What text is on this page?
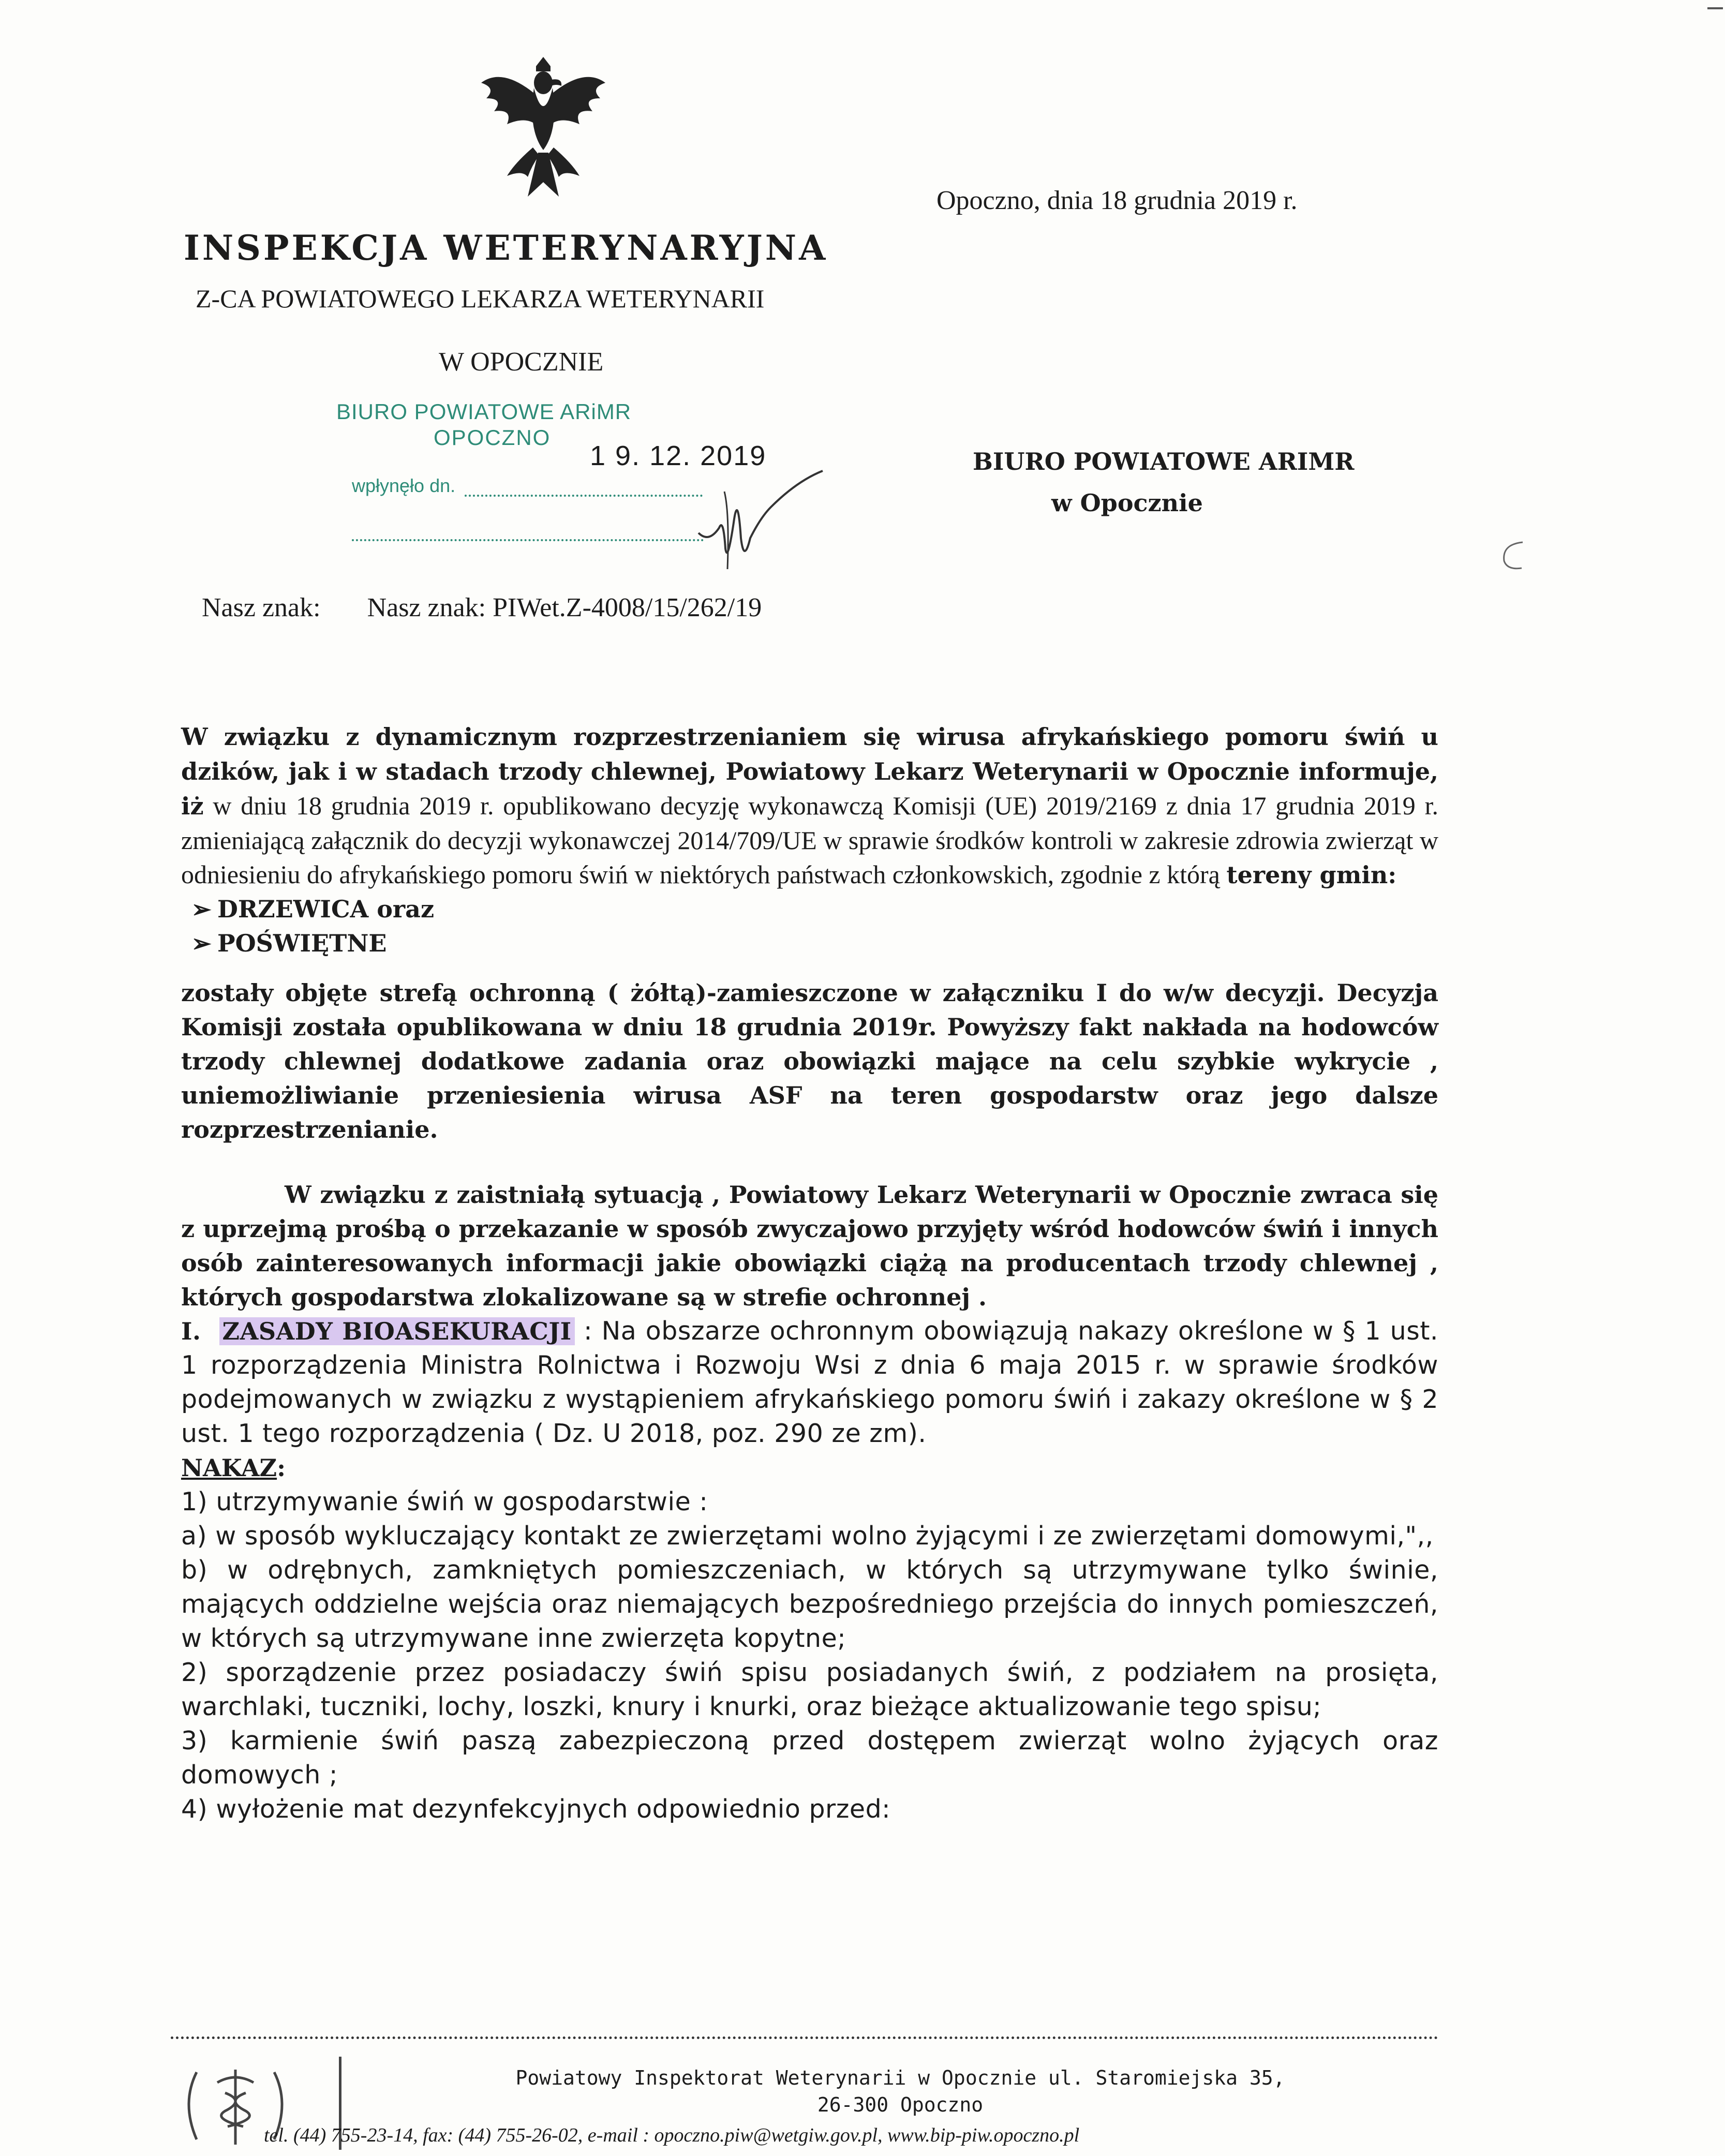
Opoczno, dnia 18 grudnia 2019 r.
INSPEKCJA WETERYNARYJNA
Z-CA POWIATOWEGO LEKARZA WETERYNARII
W OPOCZNIE
BIURO POWIATOWE ARiMR
OPOCZNO
1 9. 12. 2019
wpłynęło dn.
BIURO POWIATOWE ARIMR
w Opocznie
Nasz znak: Nasz znak: PIWet.Z-4008/15/262/19

W związku z dynamicznym rozprzestrzenianiem się wirusa afrykańskiego pomoru świń u dzików, jak i w stadach trzody chlewnej, Powiatowy Lekarz Weterynarii w Opocznie informuje, iż w dniu 18 grudnia 2019 r. opublikowano decyzję wykonawczą Komisji (UE) 2019/2169 z dnia 17 grudnia 2019 r. zmieniającą załącznik do decyzji wykonawczej 2014/709/UE w sprawie środków kontroli w zakresie zdrowia zwierząt w odniesieniu do afrykańskiego pomoru świń w niektórych państwach członkowskich, zgodnie z którą tereny gmin:

➢ DRZEWICA oraz
➢ POŚWIĘTNE

zostały objęte strefą ochronną ( żółtą)-zamieszczone w załączniku I do w/w decyzji. Decyzja Komisji została opublikowana w dniu 18 grudnia 2019r. Powyższy fakt nakłada na hodowców trzody chlewnej dodatkowe zadania oraz obowiązki mające na celu szybkie wykrycie , uniemożliwianie przeniesienia wirusa ASF na teren gospodarstw oraz jego dalsze rozprzestrzenianie.

W związku z zaistniałą sytuacją , Powiatowy Lekarz Weterynarii w Opocznie zwraca się z uprzejmą prośbą o przekazanie w sposób zwyczajowo przyjęty wśród hodowców świń i innych osób zainteresowanych informacji jakie obowiązki ciążą na producentach trzody chlewnej , których gospodarstwa zlokalizowane są w strefie ochronnej .

I. ZASADY BIOASEKURACJI : Na obszarze ochronnym obowiązują nakazy określone w § 1 ust. 1 rozporządzenia Ministra Rolnictwa i Rozwoju Wsi z dnia 6 maja 2015 r. w sprawie środków podejmowanych w związku z wystąpieniem afrykańskiego pomoru świń i zakazy określone w § 2 ust. 1 tego rozporządzenia ( Dz. U 2018, poz. 290 ze zm).

NAKAZ:

1) utrzymywanie świń w gospodarstwie :

a) w sposób wykluczający kontakt ze zwierzętami wolno żyjącymi i ze zwierzętami domowymi,",,

b) w odrębnych, zamkniętych pomieszczeniach, w których są utrzymywane tylko świnie, mających oddzielne wejścia oraz niemających bezpośredniego przejścia do innych pomieszczeń, w których są utrzymywane inne zwierzęta kopytne;

2) sporządzenie przez posiadaczy świń spisu posiadanych świń, z podziałem na prosięta, warchlaki, tuczniki, lochy, loszki, knury i knurki, oraz bieżące aktualizowanie tego spisu;

3) karmienie świń paszą zabezpieczoną przed dostępem zwierząt wolno żyjących oraz domowych ;

4) wyłożenie mat dezynfekcyjnych odpowiednio przed:

Powiatowy Inspektorat Weterynarii w Opocznie ul. Staromiejska 35,
26-300 Opoczno
tel. (44) 755-23-14, fax: (44) 755-26-02, e-mail : opoczno.piw@wetgiw.gov.pl, www.bip-piw.opoczno.pl
